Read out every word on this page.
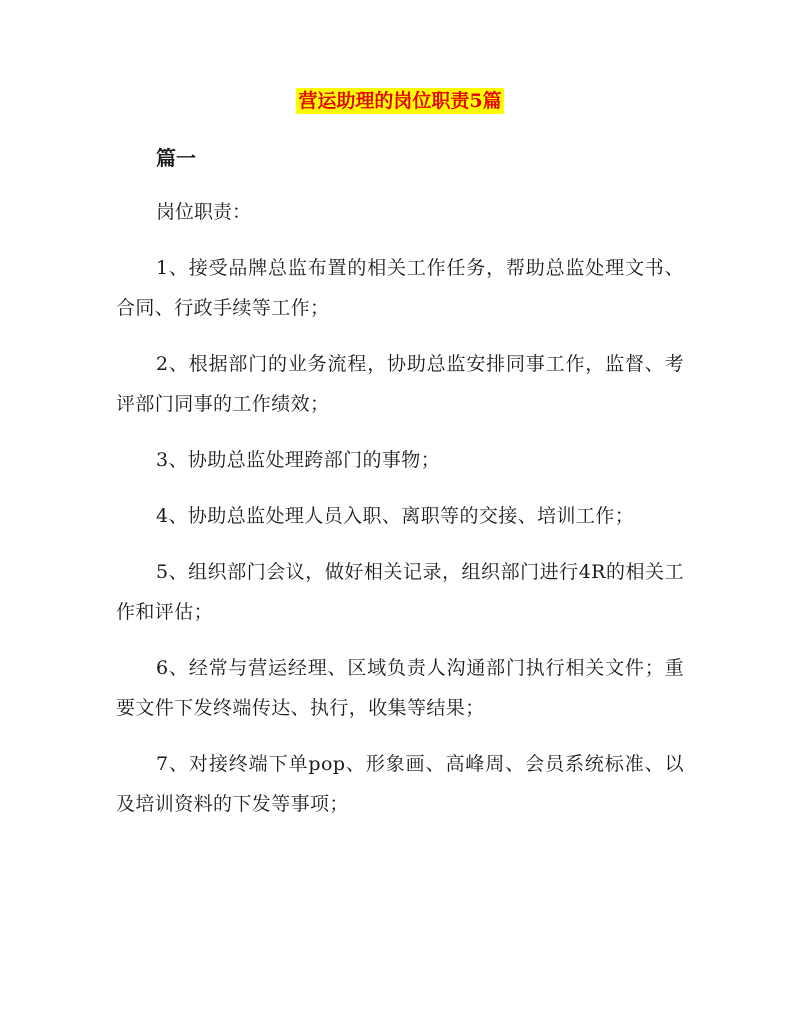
营运助理的岗位职责5篇
篇一
岗位职责：
1、接受品牌总监布置的相关工作任务，帮助总监处理文书、合同、行政手续等工作；
2、根据部门的业务流程，协助总监安排同事工作，监督、考评部门同事的工作绩效；
3、协助总监处理跨部门的事物；
4、协助总监处理人员入职、离职等的交接、培训工作；
5、组织部门会议，做好相关记录，组织部门进行4R的相关工作和评估；
6、经常与营运经理、区域负责人沟通部门执行相关文件；重要文件下发终端传达、执行，收集等结果；
7、对接终端下单pop、形象画、高峰周、会员系统标准、以及培训资料的下发等事项；
